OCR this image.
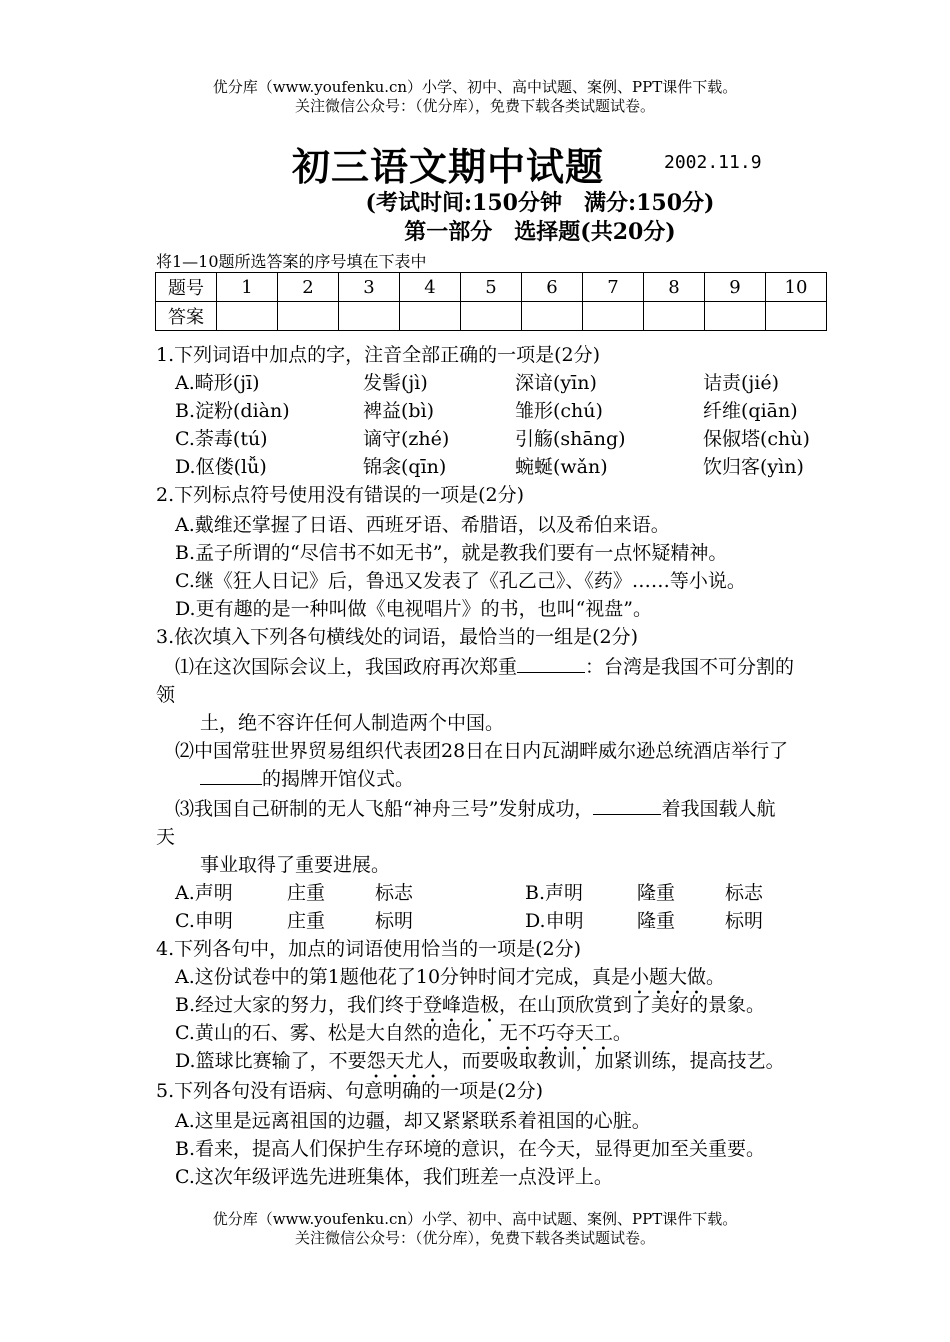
优分库（www.youfenku.cn）小学、初中、高中试题、案例、PPT课件下载。
关注微信公众号：（优分库），免费下载各类试题试卷。
初三语文期中试题	2002.11.9
(考试时间:150分钟　满分:150分)
第一部分　选择题(共20分)
将1—10题所选答案的序号填在下表中
题号	1	2	3	4	5	6	7	8	9	10
答案										
1.下列词语中加点的字，注音全部正确的一项是(2分)
A.畸形(jī)	发髻(jì)	深谙(yīn)	诘责(jié)
B.淀粉(diàn)	裨益(bì)	雏形(chú)	纤维(qiān)
C.荼毒(tú)	谪守(zhé)	引觞(shāng)	保俶塔(chù)
D.伛偻(lǚ)	锦衾(qīn)	蜿蜒(wǎn)	饮归客(yìn)
2.下列标点符号使用没有错误的一项是(2分)
A.戴维还掌握了日语、西班牙语、希腊语，以及希伯来语。
B.孟子所谓的“尽信书不如无书”，就是教我们要有一点怀疑精神。
C.继《狂人日记》后，鲁迅又发表了《孔乙己》、《药》……等小说。
D.更有趣的是一种叫做《电视唱片》的书，也叫“视盘”。
3.依次填入下列各句横线处的词语，最恰当的一组是(2分)
⑴在这次国际会议上，我国政府再次郑重	：台湾是我国不可分割的
领
土，绝不容许任何人制造两个中国。
⑵中国常驻世界贸易组织代表团28日在日内瓦湖畔威尔逊总统酒店举行了
的揭牌开馆仪式。
⑶我国自己研制的无人飞船“神舟三号”发射成功，	着我国载人航
天
事业取得了重要进展。
A.声明	庄重	标志	B.声明	隆重	标志
C.申明	庄重	标明	D.申明	隆重	标明
4.下列各句中，加点的词语使用恰当的一项是(2分)
A.这份试卷中的第1题他花了10分钟时间才完成，真是小题大做。
B.经过大家的努力，我们终于登峰造极，在山顶欣赏到了美好的景象。
C.黄山的石、雾、松是大自然的造化，无不巧夺天工。
D.篮球比赛输了，不要怨天尤人，而要吸取教训，加紧训练，提高技艺。
5.下列各句没有语病、句意明确的一项是(2分)
A.这里是远离祖国的边疆，却又紧紧联系着祖国的心脏。
B.看来，提高人们保护生存环境的意识，在今天，显得更加至关重要。
C.这次年级评选先进班集体，我们班差一点没评上。
优分库（www.youfenku.cn）小学、初中、高中试题、案例、PPT课件下载。
关注微信公众号：（优分库），免费下载各类试题试卷。
